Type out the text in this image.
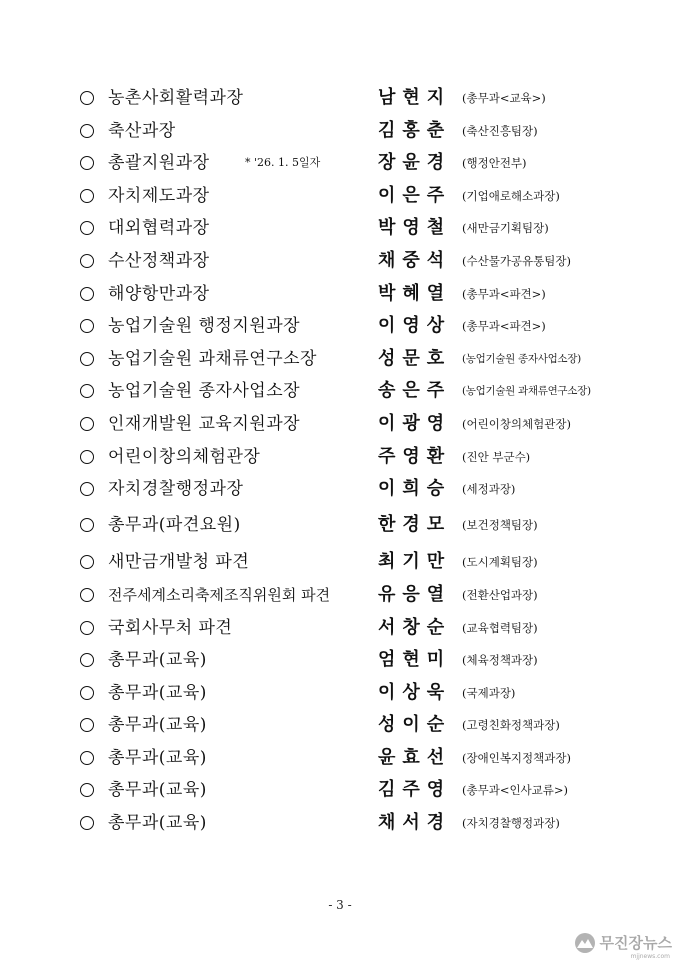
농촌사회활력과장	남현지 (총무과<교육>)
축산과장	김홍춘 (축산진흥팀장)
총괄지원과장	* '26. 1. 5일자	장윤경 (행정안전부)
자치제도과장	이은주 (기업애로해소과장)
대외협력과장	박영철 (새만금기획팀장)
수산정책과장	채중석 (수산물가공유통팀장)
해양항만과장	박혜열 (총무과<파견>)
농업기술원 행정지원과장	이영상 (총무과<파견>)
농업기술원 과채류연구소장	성문호	(농업기술원 종자사업소장)
농업기술원 종자사업소장	송은주	(농업기술원 과채류연구소장)
인재개발원 교육지원과장	이광영 (어린이창의체험관장)
어린이창의체험관장	주영환 (진안 부군수)
자치경찰행정과장	이희승 (세정과장)
총무과(파견요원)	한경모 (보건정책팀장)
새만금개발청 파견	최기만 (도시계획팀장)
전주세계소리축제조직위원회 파견	유응열 (전환산업과장)
국회사무처 파견	서창순 (교육협력팀장)
총무과(교육)	엄현미 (체육정책과장)
총무과(교육)	이상욱 (국제과장)
총무과(교육)	성이순 (고령친화정책과장)
총무과(교육)	윤효선 (장애인복지정책과장)
총무과(교육)	김주영 (총무과<인사교류>)
총무과(교육)	채서경 (자치경찰행정과장)
- 3 -
무진장뉴스
mjjnews.com
